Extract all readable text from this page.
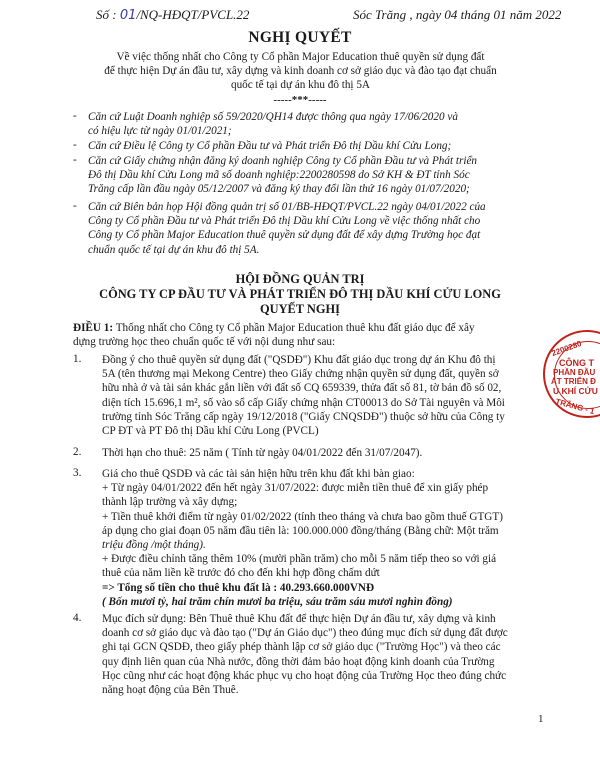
Số : 01/NQ-HĐQT/PVCL.22	Sóc Trăng , ngày 04 tháng 01 năm 2022
NGHỊ QUYẾT
Về việc thống nhất cho Công ty Cổ phần Major Education thuê quyền sử dụng đất
để thực hiện Dự án đầu tư, xây dựng và kinh doanh cơ sở giáo dục và đào tạo đạt chuẩn
quốc tế tại dự án khu đô thị 5A
-----***-----
- Căn cứ Luật Doanh nghiệp số 59/2020/QH14 được thông qua ngày 17/06/2020 và
có hiệu lực từ ngày 01/01/2021;
- Căn cứ Điều lệ Công ty Cổ phần Đầu tư và Phát triển Đô thị Dầu khí Cửu Long;
- Căn cứ Giấy chứng nhận đăng ký doanh nghiệp Công ty Cổ phần Đầu tư và Phát triển
Đô thị Dầu khí Cửu Long mã số doanh nghiệp:2200280598 do Sở KH & ĐT tỉnh Sóc
Trăng cấp lần đầu ngày 05/12/2007 và đăng ký thay đổi lần thứ 16 ngày 01/07/2020;
- Căn cứ Biên bản họp Hội đồng quản trị số 01/BB-HĐQT/PVCL.22 ngày 04/01/2022 của
Công ty Cổ phần Đầu tư và Phát triển Đô thị Dầu khí Cửu Long về việc thống nhất cho
Công ty Cổ phần Major Education thuê quyền sử dụng đất để xây dựng Trường học đạt
chuẩn quốc tế tại dự án khu đô thị 5A.
HỘI ĐỒNG QUẢN TRỊ
CÔNG TY CP ĐẦU TƯ VÀ PHÁT TRIỂN ĐÔ THỊ DẦU KHÍ CỬU LONG
QUYẾT NGHỊ
ĐIỀU 1: Thống nhất cho Công ty Cổ phần Major Education thuê khu đất giáo dục để xây
dựng trường học theo chuẩn quốc tế với nội dung như sau:
1. Đồng ý cho thuê quyền sử dụng đất ("QSDĐ") Khu đất giáo dục trong dự án Khu đô thị
5A (tên thương mại Mekong Centre) theo Giấy chứng nhận quyền sử dụng đất, quyền sở
hữu nhà ở và tài sản khác gắn liền với đất số CQ 659339, thửa đất số 81, tờ bản đồ số 02,
diện tích 15.696,1 m², số vào sổ cấp Giấy chứng nhận CT00013 do Sở Tài nguyên và Môi
trường tỉnh Sóc Trăng cấp ngày 19/12/2018 ("Giấy CNQSDĐ") thuộc sở hữu của Công ty
CP ĐT và PT Đô thị Dầu khí Cửu Long (PVCL)
2. Thời hạn cho thuê: 25 năm ( Tính từ ngày 04/01/2022 đến 31/07/2047).
3. Giá cho thuê QSDĐ và các tài sản hiện hữu trên khu đất khi bàn giao:
+ Từ ngày 04/01/2022 đến hết ngày 31/07/2022: được miễn tiền thuê để xin giấy phép
thành lập trường và xây dựng;
+ Tiền thuê khởi điểm từ ngày 01/02/2022 (tính theo tháng và chưa bao gồm thuế GTGT)
áp dụng cho giai đoạn 05 năm đầu tiên là: 100.000.000 đồng/tháng (Bằng chữ: Một trăm
triệu đồng /một tháng).
+ Được điều chỉnh tăng thêm 10% (mười phần trăm) cho mỗi 5 năm tiếp theo so với giá
thuê của năm liền kề trước đó cho đến khi hợp đồng chấm dứt
=> Tổng số tiền cho thuê khu đất là : 40.293.660.000VNĐ
( Bốn mươi tỷ, hai trăm chín mươi ba triệu, sáu trăm sáu mươi nghìn đồng)
4. Mục đích sử dụng: Bên Thuê thuê Khu đất để thực hiện Dự án đầu tư, xây dựng và kinh
doanh cơ sở giáo dục và đào tạo ("Dự án Giáo dục") theo đúng mục đích sử dụng đất được
ghi tại GCN QSDĐ, theo giấy phép thành lập cơ sở giáo dục ("Trường Học") và theo các
quy định liên quan của Nhà nước, đồng thời đảm bảo hoạt động kinh doanh của Trường
Học cũng như các hoạt động khác phục vụ cho hoạt động của Trường Học theo đúng chức
năng hoạt động của Bên Thuê.
2200280
CÔNG T
PHẦN ĐẦU
ÁT TRIỂN Đ
U KHÍ CỬU
TRĂNG - 1
1
